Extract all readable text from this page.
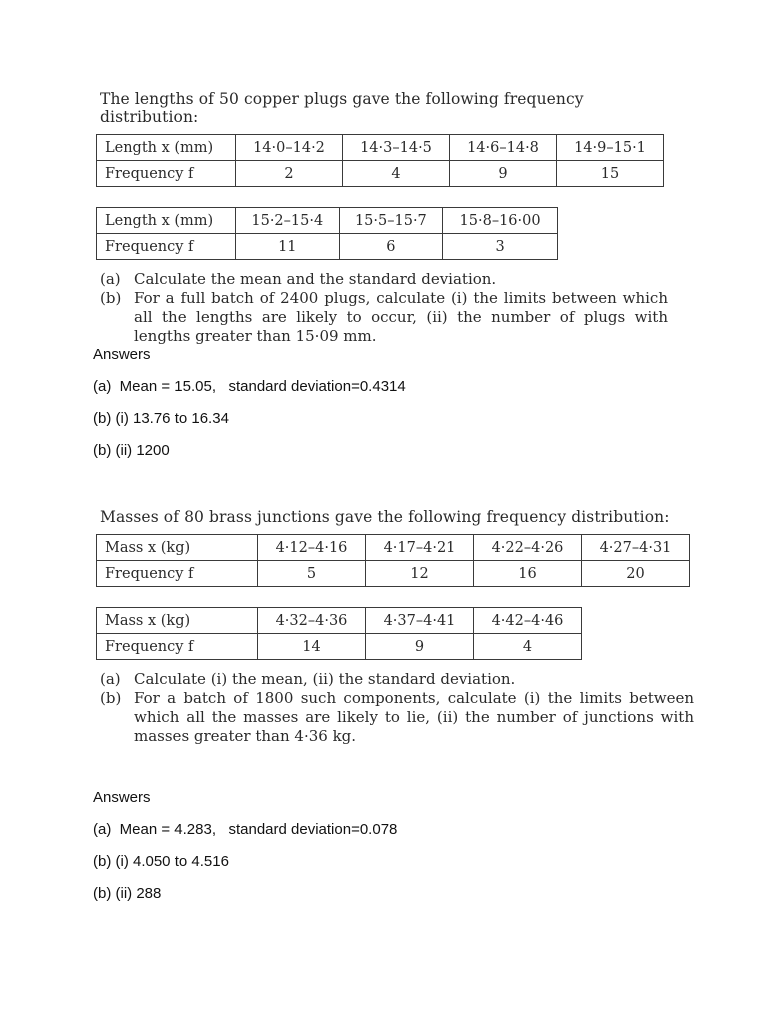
The lengths of 50 copper plugs gave the following frequency distribution:
Length x (mm)	14·0–14·2	14·3–14·5	14·6–14·8	14·9–15·1
Frequency f	2	4	9	15
Length x (mm)	15·2–15·4	15·5–15·7	15·8–16·00
Frequency f	11	6	3
(a) Calculate the mean and the standard deviation.
(b) For a full batch of 2400 plugs, calculate (i) the limits between which all the lengths are likely to occur, (ii) the number of plugs with lengths greater than 15·09 mm.
Answers
(a)  Mean = 15.05,   standard deviation=0.4314
(b) (i) 13.76 to 16.34
(b) (ii) 1200
Masses of 80 brass junctions gave the following frequency distribution:
Mass x (kg)	4·12–4·16	4·17–4·21	4·22–4·26	4·27–4·31
Frequency f	5	12	16	20
Mass x (kg)	4·32–4·36	4·37–4·41	4·42–4·46
Frequency f	14	9	4
(a) Calculate (i) the mean, (ii) the standard deviation.
(b) For a batch of 1800 such components, calculate (i) the limits between which all the masses are likely to lie, (ii) the number of junctions with masses greater than 4·36 kg.
Answers
(a)  Mean = 4.283,   standard deviation=0.078
(b) (i) 4.050 to 4.516
(b) (ii) 288
